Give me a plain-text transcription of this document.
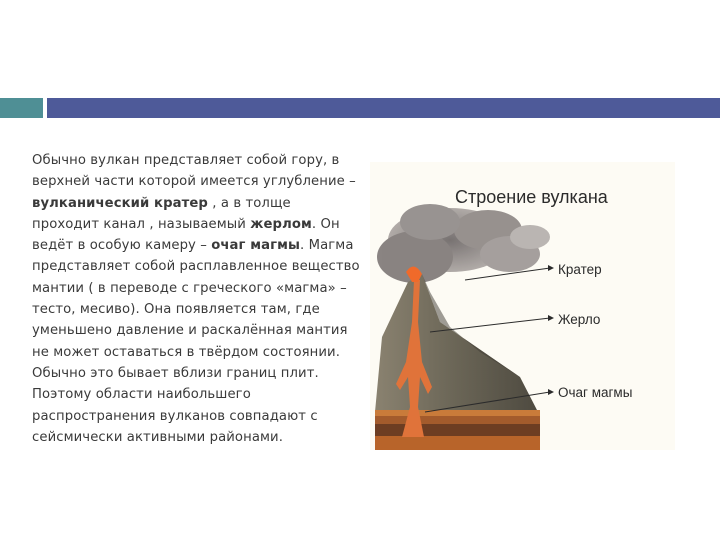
Обычно вулкан представляет собой гору, в верхней части которой имеется углубление – вулканический кратер , а в толще проходит канал , называемый жерлом. Он ведёт в особую камеру – очаг магмы. Магма представляет собой расплавленное вещество мантии ( в переводе с греческого «магма» – тесто, месиво). Она появляется там, где уменьшено давление и раскалённая мантия не может оставаться в твёрдом состоянии. Обычно это бывает вблизи границ плит. Поэтому области наибольшего распространения вулканов совпадают с сейсмически активными районами.

Строение вулкана
Кратер
Жерло
Очаг магмы
